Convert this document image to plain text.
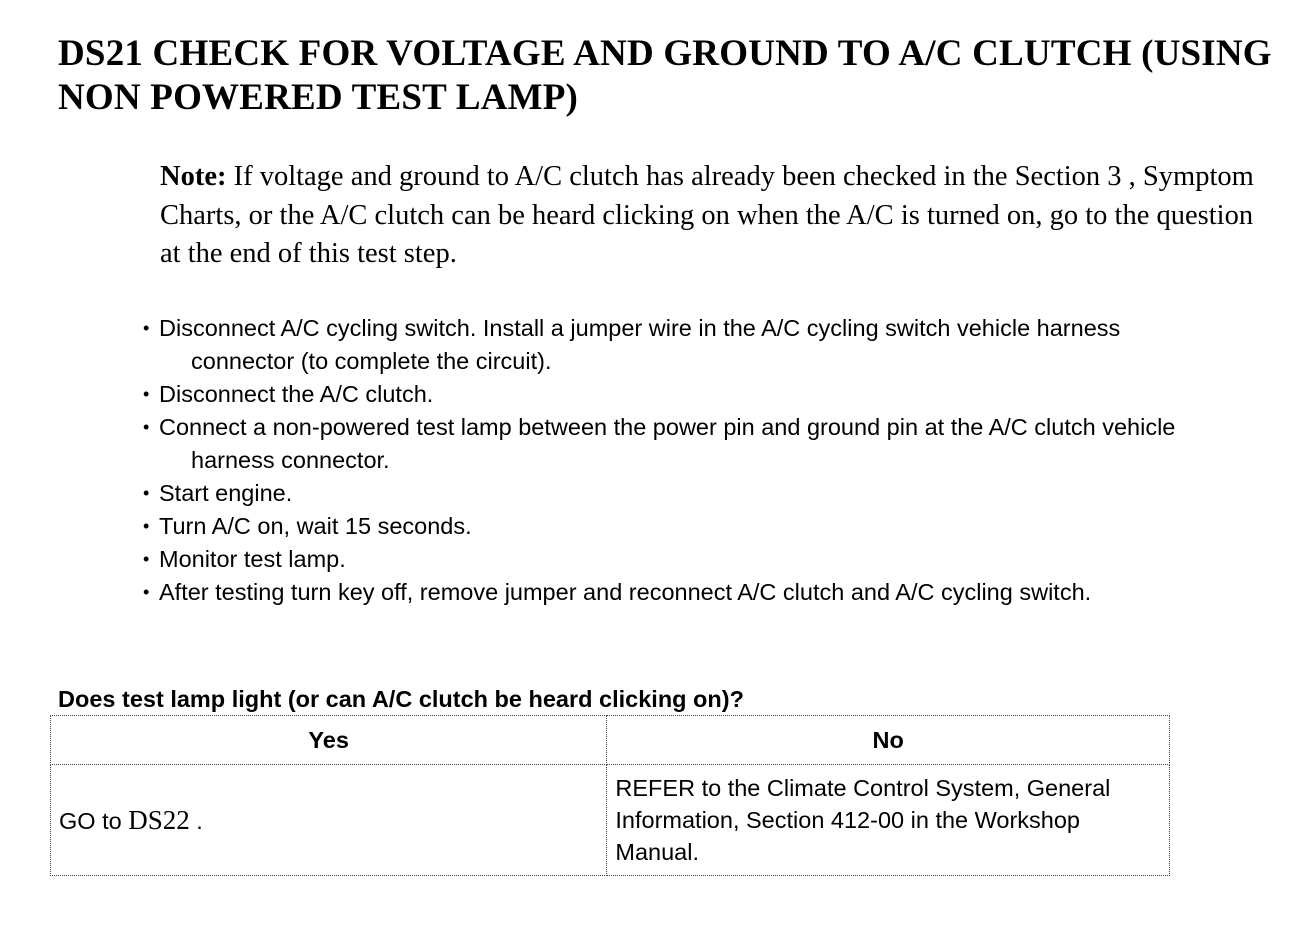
DS21 CHECK FOR VOLTAGE AND GROUND TO A/C CLUTCH (USING NON POWERED TEST LAMP)

Note: If voltage and ground to A/C clutch has already been checked in the Section 3 , Symptom Charts, or the A/C clutch can be heard clicking on when the A/C is turned on, go to the question at the end of this test step.

• Disconnect A/C cycling switch. Install a jumper wire in the A/C cycling switch vehicle harness connector (to complete the circuit).
• Disconnect the A/C clutch.
• Connect a non-powered test lamp between the power pin and ground pin at the A/C clutch vehicle harness connector.
• Start engine.
• Turn A/C on, wait 15 seconds.
• Monitor test lamp.
• After testing turn key off, remove jumper and reconnect A/C clutch and A/C cycling switch.

Does test lamp light (or can A/C clutch be heard clicking on)?

Yes	No
GO to DS22 .	REFER to the Climate Control System, General Information, Section 412-00 in the Workshop Manual.
